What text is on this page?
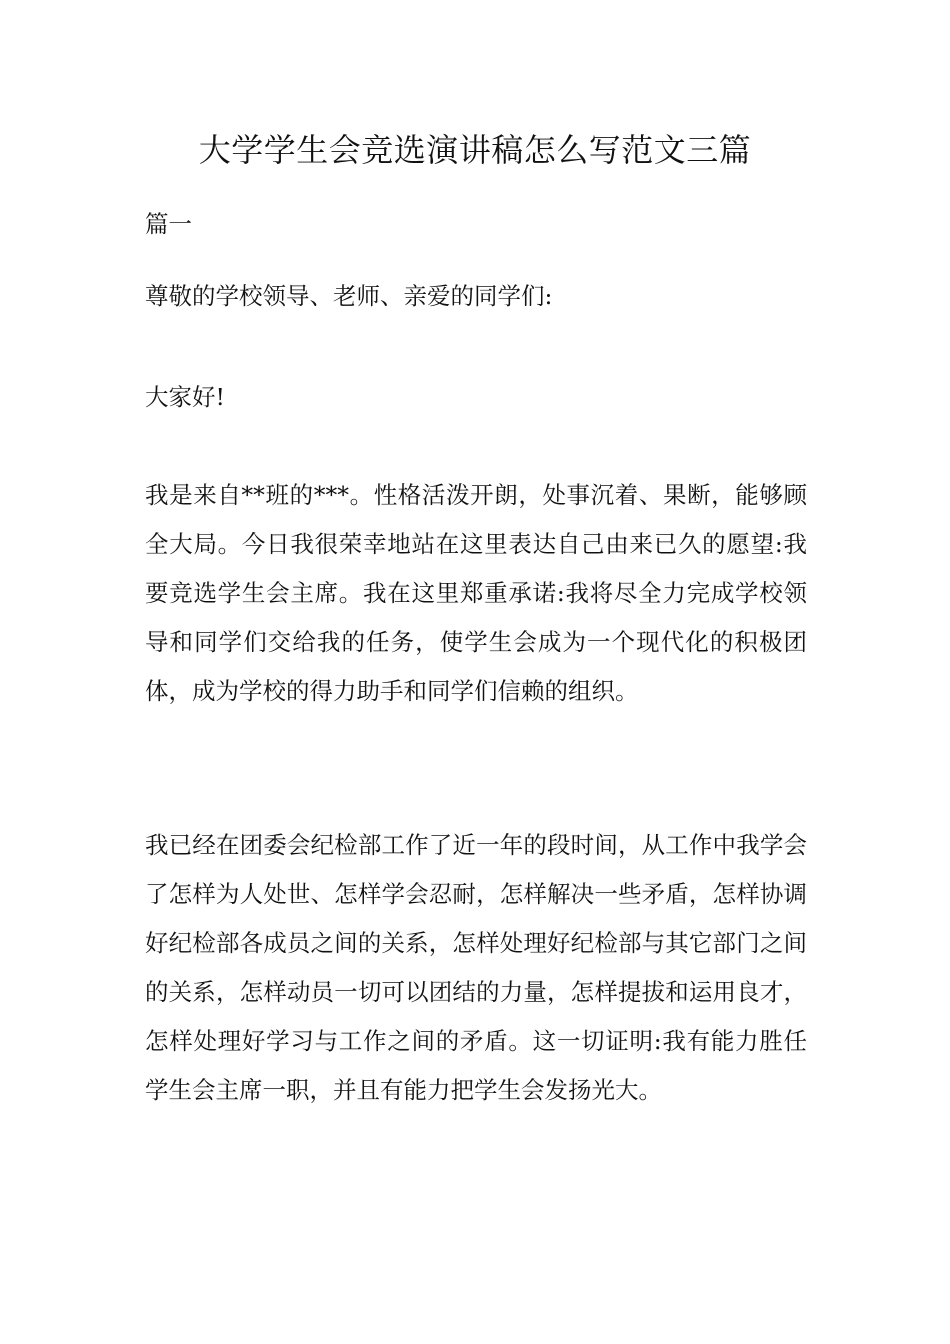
大学学生会竞选演讲稿怎么写范文三篇

篇一

尊敬的学校领导、老师、亲爱的同学们:

大家好!

我是来自**班的***。性格活泼开朗，处事沉着、果断，能够顾全大局。今日我很荣幸地站在这里表达自己由来已久的愿望:我要竞选学生会主席。我在这里郑重承诺:我将尽全力完成学校领导和同学们交给我的任务，使学生会成为一个现代化的积极团体，成为学校的得力助手和同学们信赖的组织。

我已经在团委会纪检部工作了近一年的段时间，从工作中我学会了怎样为人处世、怎样学会忍耐，怎样解决一些矛盾，怎样协调好纪检部各成员之间的关系，怎样处理好纪检部与其它部门之间的关系，怎样动员一切可以团结的力量，怎样提拔和运用良才，怎样处理好学习与工作之间的矛盾。这一切证明:我有能力胜任学生会主席一职，并且有能力把学生会发扬光大。
